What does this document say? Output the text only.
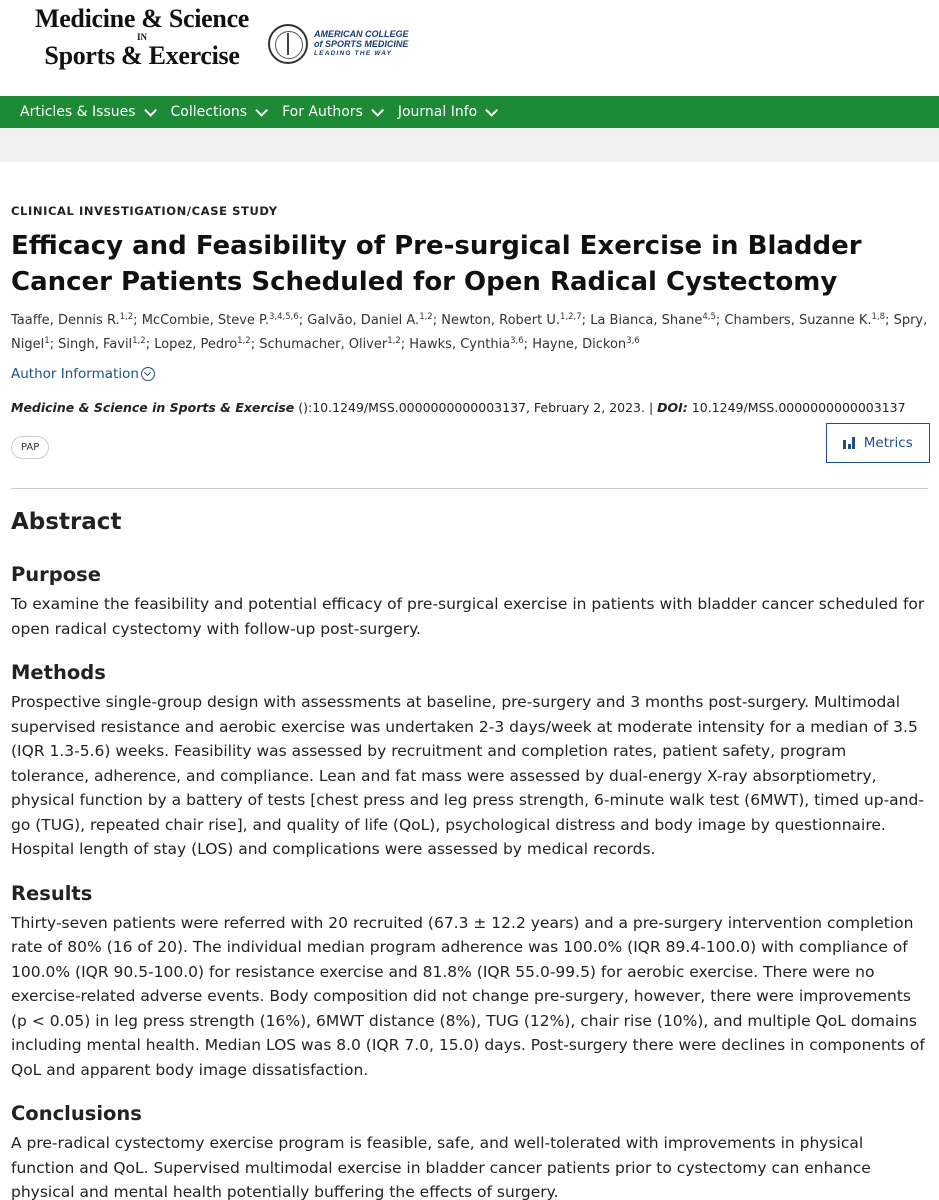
Medicine & Science
IN
Sports & Exercise
AMERICAN COLLEGE
of SPORTS MEDICINE
LEADING THE WAY
Articles & Issues	Collections	For Authors	Journal Info
CLINICAL INVESTIGATION/CASE STUDY
Efficacy and Feasibility of Pre-surgical Exercise in Bladder Cancer Patients Scheduled for Open Radical Cystectomy
Taaffe, Dennis R.$^{1,2}$; McCombie, Steve P.$^{3,4,5,6}$; Galvão, Daniel A.$^{1,2}$; Newton, Robert U.$^{1,2,7}$; La Bianca, Shane$^{4,5}$; Chambers, Suzanne K.$^{1,8}$; Spry, Nigel$^1$; Singh, Favil$^{1,2}$; Lopez, Pedro$^{1,2}$; Schumacher, Oliver$^{1,2}$; Hawks, Cynthia$^{3,6}$; Hayne, Dickon$^{3,6}$
Author Information
Medicine & Science in Sports & Exercise ():10.1249/MSS.0000000000003137, February 2, 2023. | DOI: 10.1249/MSS.0000000000003137
PAP	Metrics
Abstract
Purpose

To examine the feasibility and potential efficacy of pre-surgical exercise in patients with bladder cancer scheduled for open radical cystectomy with follow-up post-surgery.

Methods

Prospective single-group design with assessments at baseline, pre-surgery and 3 months post-surgery. Multimodal supervised resistance and aerobic exercise was undertaken 2-3 days/week at moderate intensity for a median of 3.5 (IQR 1.3-5.6) weeks. Feasibility was assessed by recruitment and completion rates, patient safety, program tolerance, adherence, and compliance. Lean and fat mass were assessed by dual-energy X-ray absorptiometry, physical function by a battery of tests [chest press and leg press strength, 6-minute walk test (6MWT), timed up-and-go (TUG), repeated chair rise], and quality of life (QoL), psychological distress and body image by questionnaire. Hospital length of stay (LOS) and complications were assessed by medical records.

Results

Thirty-seven patients were referred with 20 recruited (67.3 ± 12.2 years) and a pre-surgery intervention completion rate of 80% (16 of 20). The individual median program adherence was 100.0% (IQR 89.4-100.0) with compliance of 100.0% (IQR 90.5-100.0) for resistance exercise and 81.8% (IQR 55.0-99.5) for aerobic exercise. There were no exercise-related adverse events. Body composition did not change pre-surgery, however, there were improvements (p < 0.05) in leg press strength (16%), 6MWT distance (8%), TUG (12%), chair rise (10%), and multiple QoL domains including mental health. Median LOS was 8.0 (IQR 7.0, 15.0) days. Post-surgery there were declines in components of QoL and apparent body image dissatisfaction.

Conclusions

A pre-radical cystectomy exercise program is feasible, safe, and well-tolerated with improvements in physical function and QoL. Supervised multimodal exercise in bladder cancer patients prior to cystectomy can enhance physical and mental health potentially buffering the effects of surgery.
